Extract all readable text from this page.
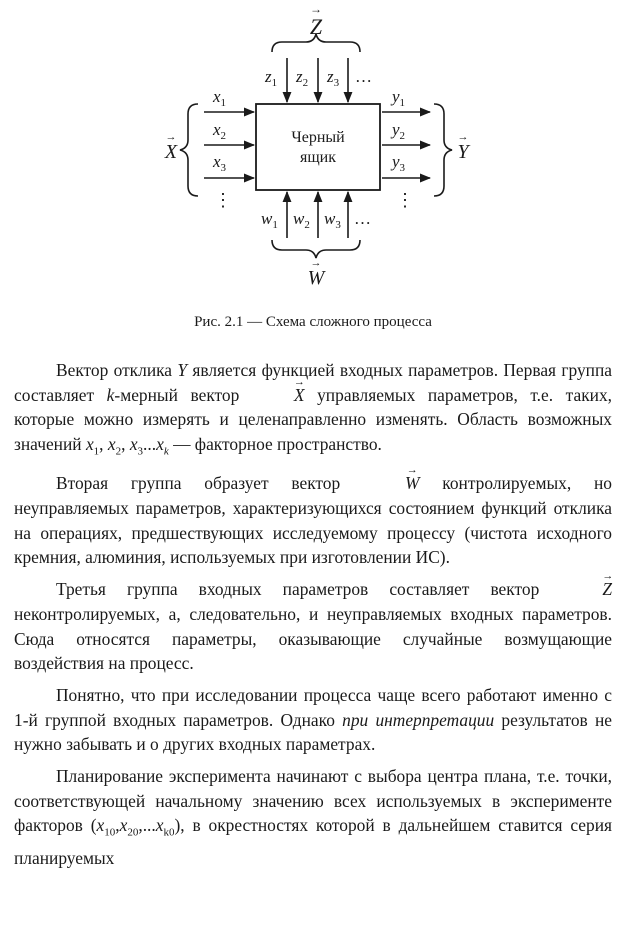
→
Z
$z_1$ $z_2$ $z_3$ …
Черный
ящик
→
X
$x_1$
$x_2$
$x_3$
⋮
$y_1$
$y_2$
$y_3$
⋮
→
Y
$w_1$ $w_2$ $w_3$ …
→
W
Рис. 2.1 — Схема сложного процесса

Вектор отклика Y является функцией входных параметров. Первая группа составляет k-мерный вектор → X управляемых параметров, т.е. таких, которые можно измерять и целенаправленно изменять. Область возможных значений $x_1$, $x_2$, $x_3...x_k$ — факторное пространство.

Вторая группа образует вектор → W контролируемых, но неуправляемых параметров, характеризующихся состоянием функций отклика на операциях, предшествующих исследуемому процессу (чистота исходного кремния, алюминия, используемых при изготовлении ИС).

Третья группа входных параметров составляет вектор → Z неконтролируемых, а, следовательно, и неуправляемых входных параметров. Сюда относятся параметры, оказывающие случайные возмущающие воздействия на процесс.

Понятно, что при исследовании процесса чаще всего работают именно с 1-й группой входных параметров. Однако при интерпретации результатов не нужно забывать и о других входных параметрах.

Планирование эксперимента начинают с выбора центра плана, т.е. точки, соответствующей начальному значению всех используемых в эксперименте факторов $(x_{10},x_{20},...x_{k0})$, в окрестностях которой в дальнейшем ставится серия планируемых
